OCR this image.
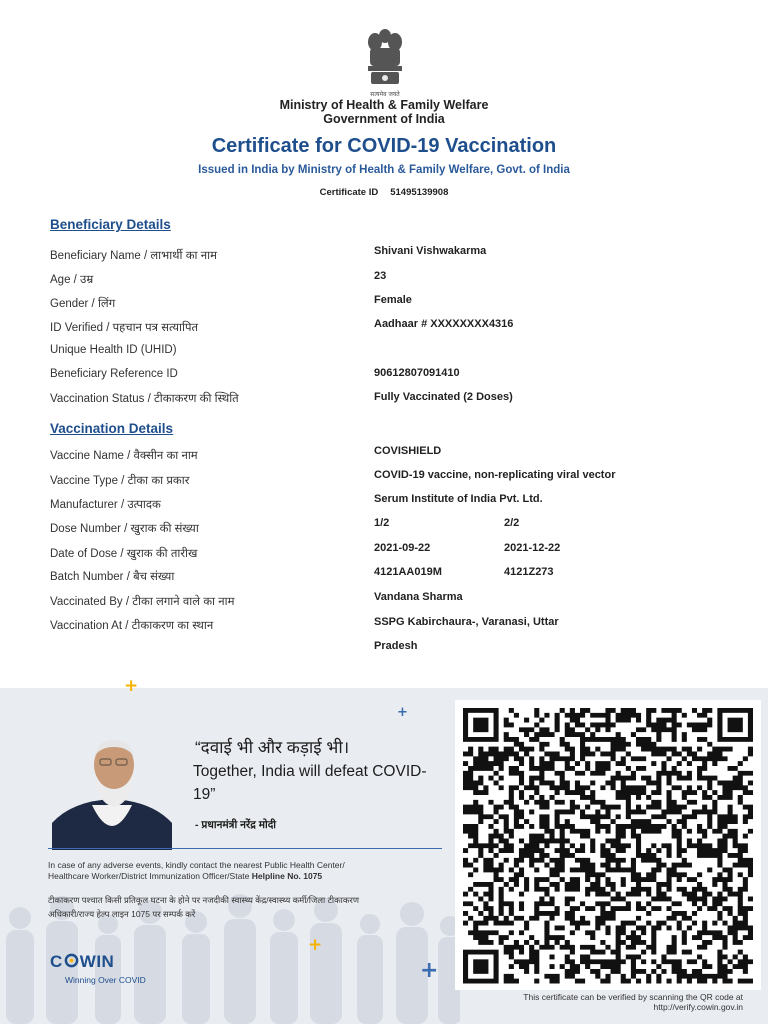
सत्यमेव जयते
Ministry of Health & Family Welfare
Government of India
Certificate for COVID-19 Vaccination
Issued in India by Ministry of Health & Family Welfare, Govt. of India
Certificate ID 51495139908
Beneficiary Details
Beneficiary Name / लाभार्थी का नाम	Shivani Vishwakarma
Age / उम्र	23
Gender / लिंग	Female
ID Verified / पहचान पत्र सत्यापित	Aadhaar # XXXXXXXX4316
Unique Health ID (UHID)
Beneficiary Reference ID	90612807091410
Vaccination Status / टीकाकरण की स्थिति	Fully Vaccinated (2 Doses)
Vaccination Details
Vaccine Name / वैक्सीन का नाम	COVISHIELD
Vaccine Type / टीका का प्रकार	COVID-19 vaccine, non-replicating viral vector
Manufacturer / उत्पादक	Serum Institute of India Pvt. Ltd.
Dose Number / खुराक की संख्या	1/2	2/2
Date of Dose / खुराक की तारीख	2021-09-22	2021-12-22
Batch Number / बैच संख्या	4121AA019M	4121Z273
Vaccinated By / टीका लगाने वाले का नाम	Vandana Sharma
Vaccination At / टीकाकरण का स्थान	SSPG Kabirchaura-, Varanasi, Uttar
Pradesh
+
+
+
+
“दवाई भी और कड़ाई भी।
Together, India will defeat COVID-19”
- प्रधानमंत्री नरेंद्र मोदी
In case of any adverse events, kindly contact the nearest Public Health Center/
Healthcare Worker/District Immunization Officer/State Helpline No. 1075
टीकाकरण पश्चात किसी प्रतिकूल घटना के होने पर नजदीकी स्वास्थ्य केंद्र/स्वास्थ्य कर्मी/जिला टीकाकरण
अधिकारी/राज्य हेल्प लाइन 1075 पर सम्पर्क करें
C WIN
Winning Over COVID
This certificate can be verified by scanning the QR code at
http://verify.cowin.gov.in
